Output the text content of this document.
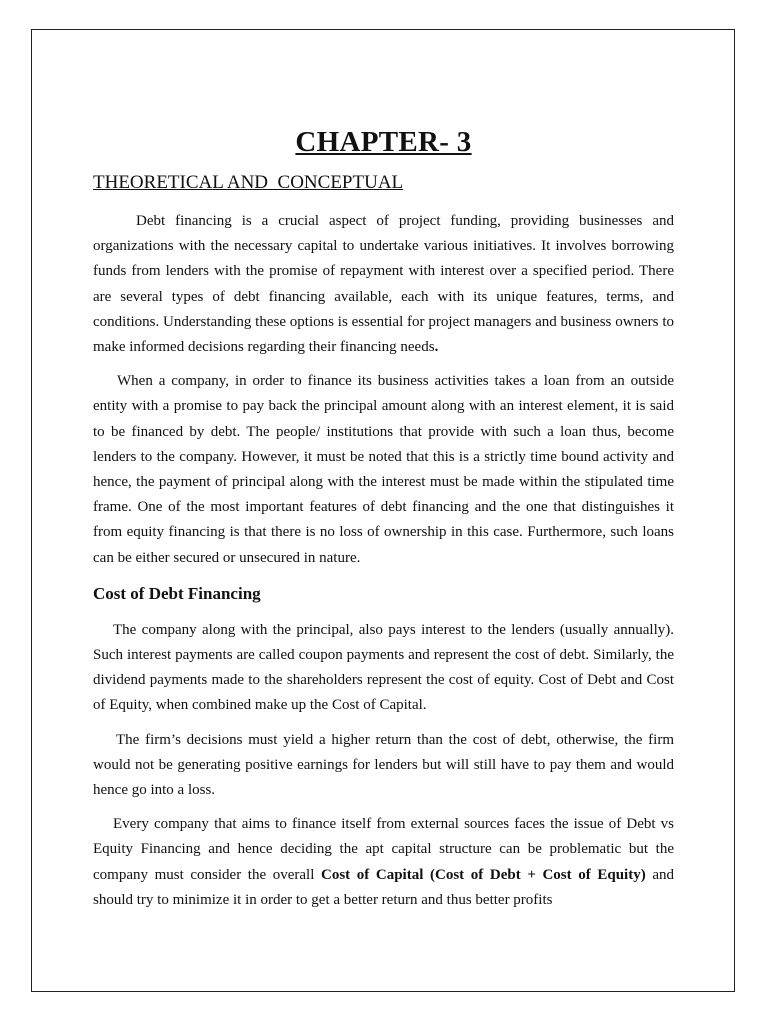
CHAPTER- 3
THEORETICAL AND  CONCEPTUAL

Debt financing is a crucial aspect of project funding, providing businesses and organizations with the necessary capital to undertake various initiatives. It involves borrowing funds from lenders with the promise of repayment with interest over a specified period. There are several types of debt financing available, each with its unique features, terms, and conditions. Understanding these options is essential for project managers and business owners to make informed decisions regarding their financing needs.

When a company, in order to finance its business activities takes a loan from an outside entity with a promise to pay back the principal amount along with an interest element, it is said to be financed by debt. The people/ institutions that provide with such a loan thus, become lenders to the company. However, it must be noted that this is a strictly time bound activity and hence, the payment of principal along with the interest must be made within the stipulated time frame. One of the most important features of debt financing and the one that distinguishes it from equity financing is that there is no loss of ownership in this case. Furthermore, such loans can be either secured or unsecured in nature.

Cost of Debt Financing

The company along with the principal, also pays interest to the lenders (usually annually). Such interest payments are called coupon payments and represent the cost of debt. Similarly, the dividend payments made to the shareholders represent the cost of equity. Cost of Debt and Cost of Equity, when combined make up the Cost of Capital.

The firm’s decisions must yield a higher return than the cost of debt, otherwise, the firm would not be generating positive earnings for lenders but will still have to pay them and would hence go into a loss.

Every company that aims to finance itself from external sources faces the issue of Debt vs Equity Financing and hence deciding the apt capital structure can be problematic but the company must consider the overall Cost of Capital (Cost of Debt + Cost of Equity) and should try to minimize it in order to get a better return and thus better profits
